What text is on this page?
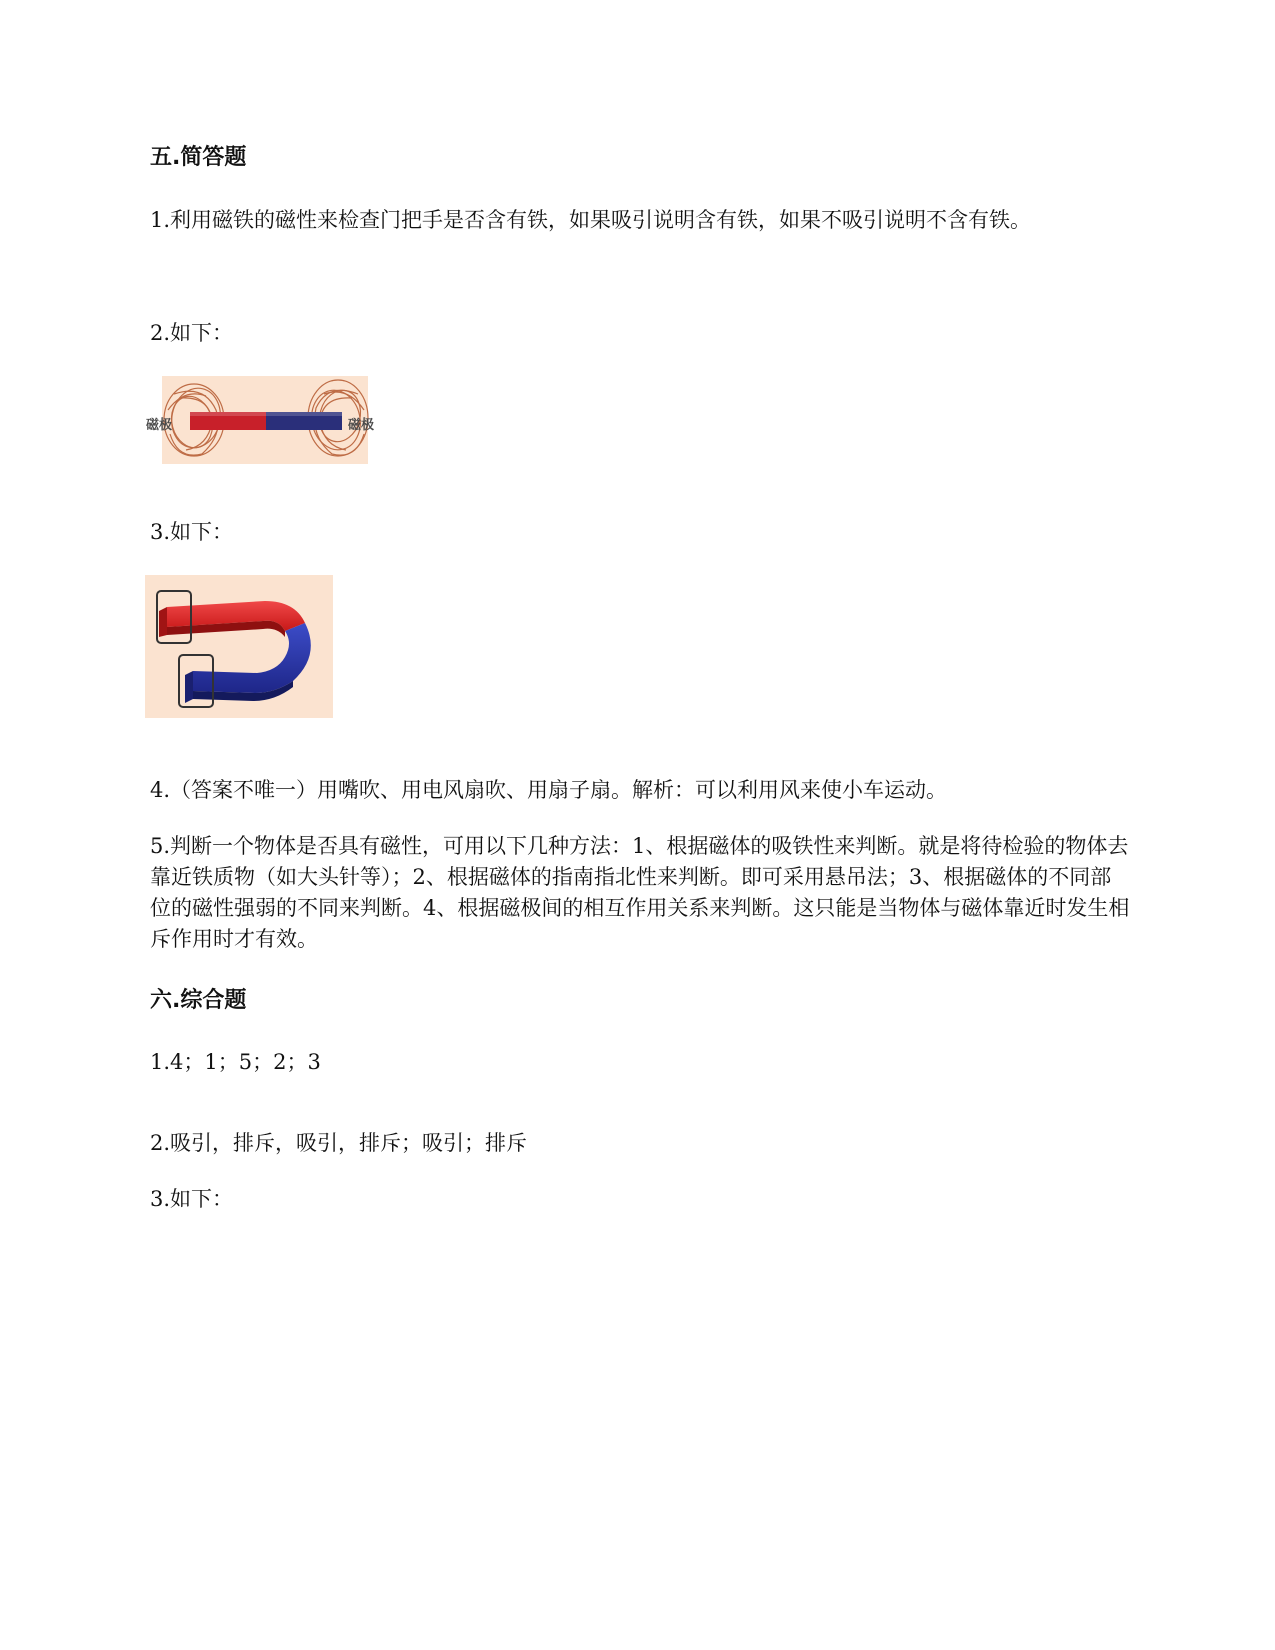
五.简答题

1.利用磁铁的磁性来检查门把手是否含有铁，如果吸引说明含有铁，如果不吸引说明不含有铁。

2.如下：

磁极	磁极

3.如下：

4.（答案不唯一）用嘴吹、用电风扇吹、用扇子扇。解析：可以利用风来使小车运动。

5.判断一个物体是否具有磁性，可用以下几种方法：1、根据磁体的吸铁性来判断。就是将待检验的物体去靠近铁质物（如大头针等）；2、根据磁体的指南指北性来判断。即可采用悬吊法；3、根据磁体的不同部位的磁性强弱的不同来判断。4、根据磁极间的相互作用关系来判断。这只能是当物体与磁体靠近时发生相斥作用时才有效。

六.综合题

1.4；1；5；2；3

2.吸引，排斥，吸引，排斥；吸引；排斥

3.如下：
